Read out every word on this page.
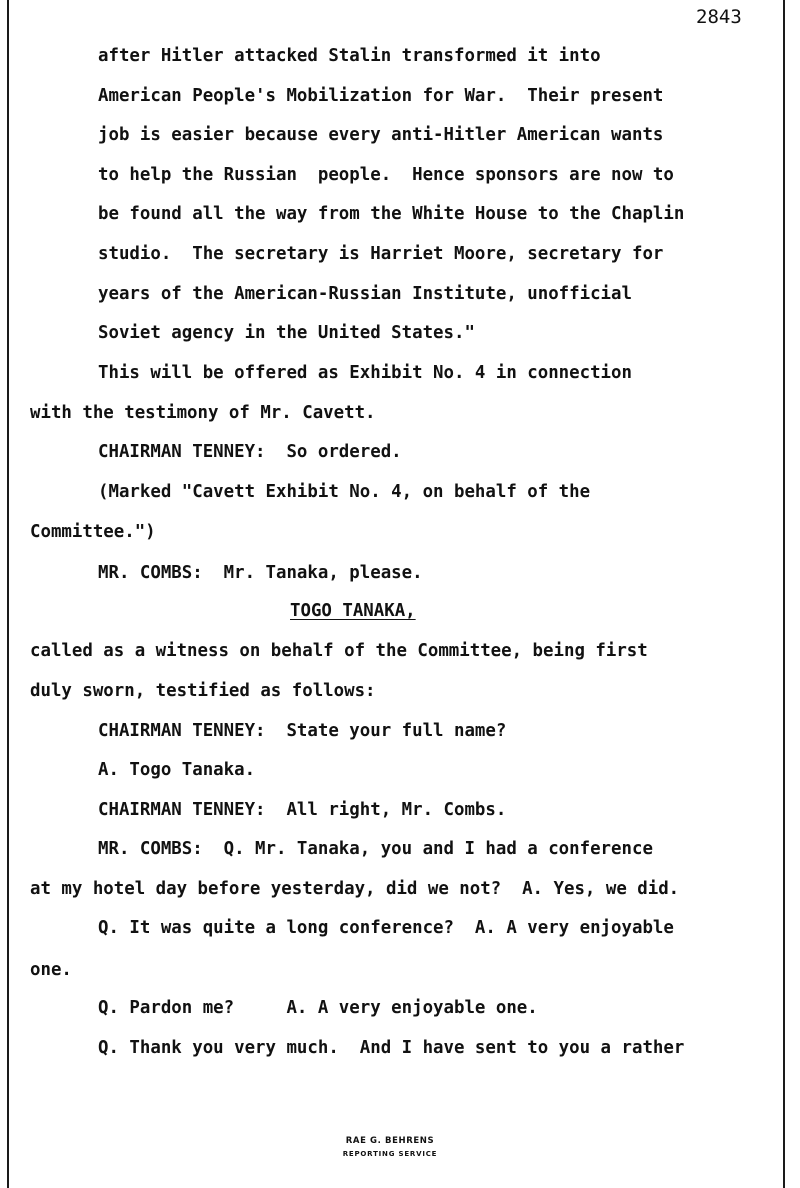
2843
after Hitler attacked Stalin transformed it into
American People's Mobilization for War.  Their present
job is easier because every anti-Hitler American wants
to help the Russian  people.  Hence sponsors are now to
be found all the way from the White House to the Chaplin
studio.  The secretary is Harriet Moore, secretary for
years of the American-Russian Institute, unofficial
Soviet agency in the United States."
This will be offered as Exhibit No. 4 in connection
with the testimony of Mr. Cavett.
CHAIRMAN TENNEY:  So ordered.
(Marked "Cavett Exhibit No. 4, on behalf of the
Committee.")
MR. COMBS:  Mr. Tanaka, please.
TOGO TANAKA,
called as a witness on behalf of the Committee, being first
duly sworn, testified as follows:
CHAIRMAN TENNEY:  State your full name?
A. Togo Tanaka.
CHAIRMAN TENNEY:  All right, Mr. Combs.
MR. COMBS:  Q. Mr. Tanaka, you and I had a conference
at my hotel day before yesterday, did we not?  A. Yes, we did.
Q. It was quite a long conference?  A. A very enjoyable
one.
Q. Pardon me?     A. A very enjoyable one.
Q. Thank you very much.  And I have sent to you a rather
RAE G. BEHRENS
REPORTING SERVICE
